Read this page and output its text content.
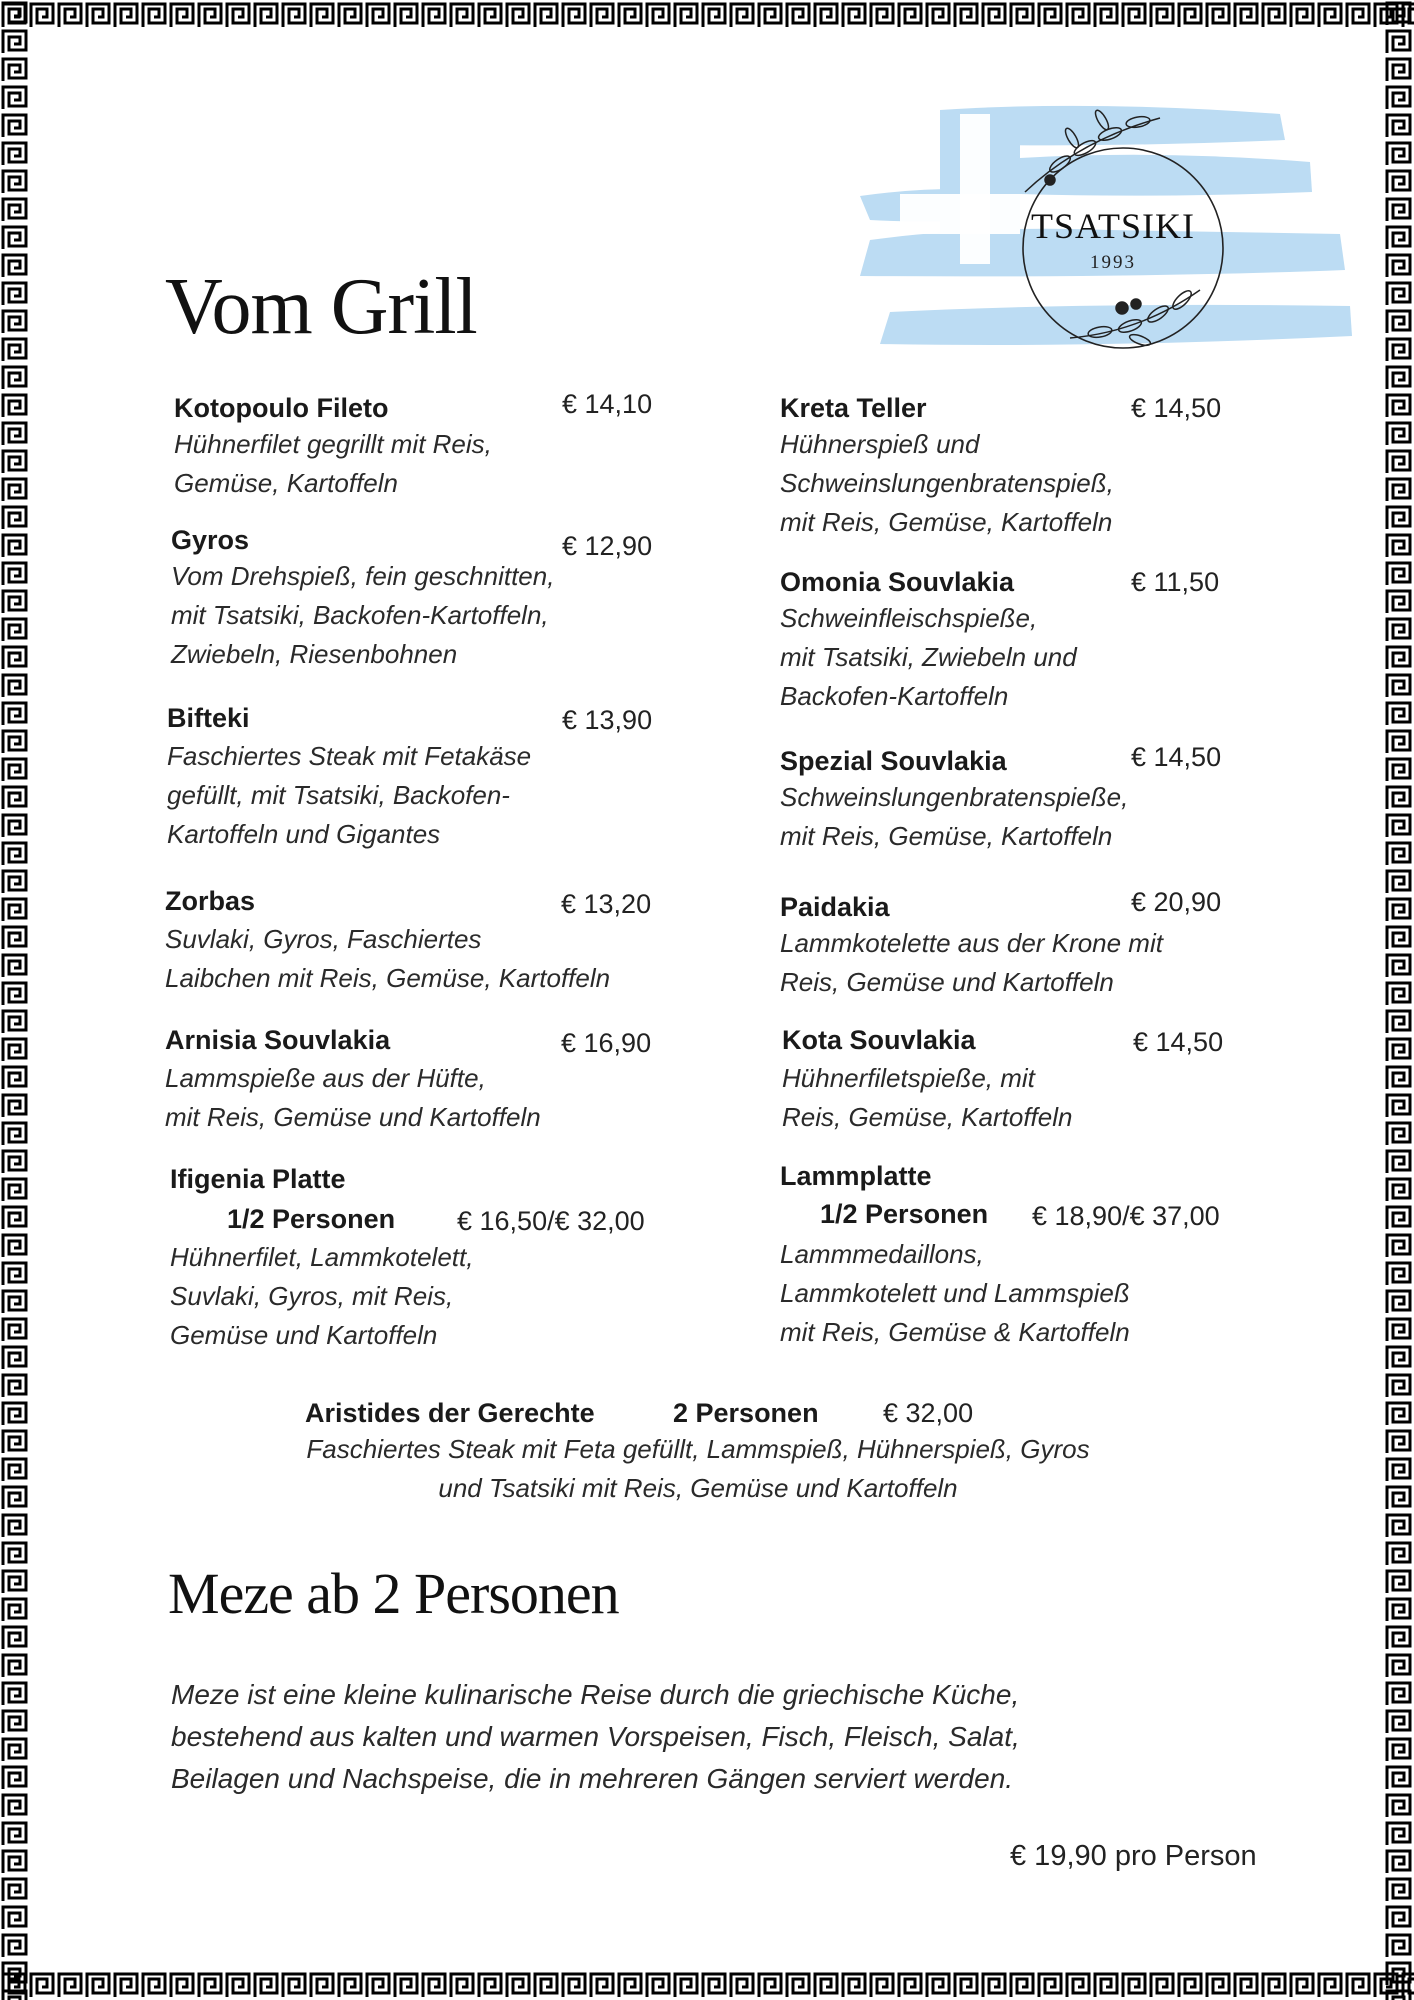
TSATSIKI
1993
Vom Grill
Kotopoulo Fileto	€ 14,10
Hühnerfilet gegrillt mit Reis,
Gemüse, Kartoffeln
Gyros	€ 12,90
Vom Drehspieß, fein geschnitten,
mit Tsatsiki, Backofen-Kartoffeln,
Zwiebeln, Riesenbohnen
Bifteki	€ 13,90
Faschiertes Steak mit Fetakäse
gefüllt, mit Tsatsiki, Backofen-
Kartoffeln und Gigantes
Zorbas	€ 13,20
Suvlaki, Gyros, Faschiertes
Laibchen mit Reis, Gemüse, Kartoffeln
Arnisia Souvlakia	€ 16,90
Lammspieße aus der Hüfte,
mit Reis, Gemüse und Kartoffeln
Ifigenia Platte
1/2 Personen € 16,50/€ 32,00
Hühnerfilet, Lammkotelett,
Suvlaki, Gyros, mit Reis,
Gemüse und Kartoffeln
Kreta Teller	€ 14,50
Hühnerspieß und
Schweinslungenbratenspieß,
mit Reis, Gemüse, Kartoffeln
Omonia Souvlakia	€ 11,50
Schweinfleischspieße,
mit Tsatsiki, Zwiebeln und
Backofen-Kartoffeln
Spezial Souvlakia	€ 14,50
Schweinslungenbratenspieße,
mit Reis, Gemüse, Kartoffeln
Paidakia	€ 20,90
Lammkotelette aus der Krone mit
Reis, Gemüse und Kartoffeln
Kota Souvlakia	€ 14,50
Hühnerfiletspieße, mit
Reis, Gemüse, Kartoffeln
Lammplatte
1/2 Personen € 18,90/€ 37,00
Lammmedaillons,
Lammkotelett und Lammspieß
mit Reis, Gemüse & Kartoffeln
Aristides der Gerechte	2 Personen € 32,00
Faschiertes Steak mit Feta gefüllt, Lammspieß, Hühnerspieß, Gyros
und Tsatsiki mit Reis, Gemüse und Kartoffeln
Meze ab 2 Personen
Meze ist eine kleine kulinarische Reise durch die griechische Küche,
bestehend aus kalten und warmen Vorspeisen, Fisch, Fleisch, Salat,
Beilagen und Nachspeise, die in mehreren Gängen serviert werden.
€ 19,90 pro Person
